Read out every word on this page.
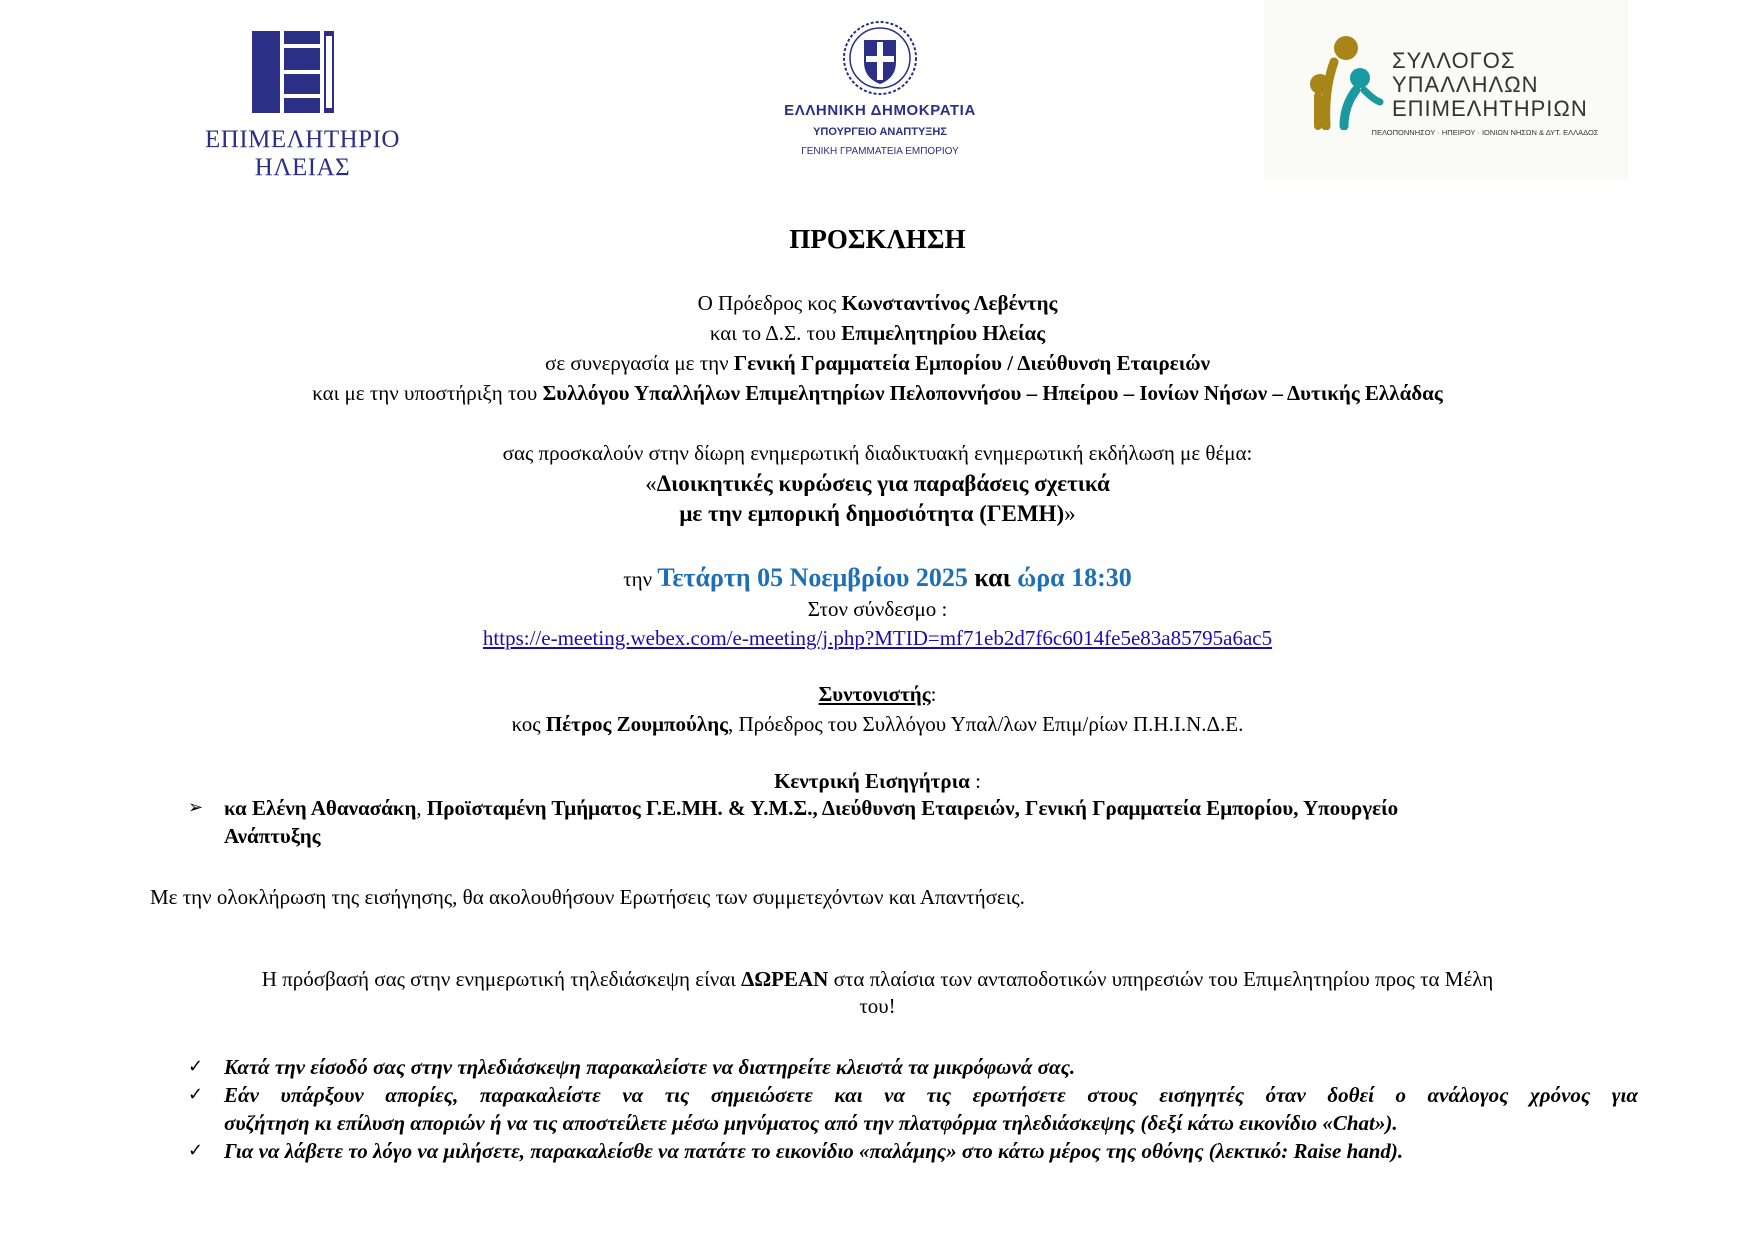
ΕΠΙΜΕΛΗΤΗΡΙΟ
ΗΛΕΙΑΣ
ΕΛΛΗΝΙΚΗ ΔΗΜΟΚΡΑΤΙΑ
ΥΠΟΥΡΓΕΙΟ ΑΝΑΠΤΥΞΗΣ
ΓΕΝΙΚΗ ΓΡΑΜΜΑΤΕΙΑ ΕΜΠΟΡΙΟΥ
ΣΥΛΛΟΓΟΣ
ΥΠΑΛΛΗΛΩΝ
ΕΠΙΜΕΛΗΤΗΡΙΩΝ
ΠΕΛΟΠΟΝΝΗΣΟΥ · ΗΠΕΙΡΟΥ · ΙΟΝΙΩΝ ΝΗΣΩΝ & ΔΥΤ. ΕΛΛΑΔΟΣ
ΠΡΟΣΚΛΗΣΗ
Ο Πρόεδρος κος Κωνσταντίνος Λεβέντης
και το Δ.Σ. του Επιμελητηρίου Ηλείας
σε συνεργασία με την Γενική Γραμματεία Εμπορίου / Διεύθυνση Εταιρειών
και με την υποστήριξη του Συλλόγου Υπαλλήλων Επιμελητηρίων Πελοποννήσου – Ηπείρου – Ιονίων Νήσων – Δυτικής Ελλάδας
σας προσκαλούν στην δίωρη ενημερωτική διαδικτυακή ενημερωτική εκδήλωση με θέμα:
«Διοικητικές κυρώσεις για παραβάσεις σχετικά
με την εμπορική δημοσιότητα (ΓΕΜΗ)»
την Τετάρτη 05 Νοεμβρίου 2025 και ώρα 18:30
Στον σύνδεσμο :
https://e-meeting.webex.com/e-meeting/j.php?MTID=mf71eb2d7f6c6014fe5e83a85795a6ac5
Συντονιστής:
κος Πέτρος Ζουμπούλης, Πρόεδρος του Συλλόγου Υπαλ/λων Επιμ/ρίων Π.Η.Ι.Ν.Δ.Ε.
Κεντρική Εισηγήτρια :
➢ κα Ελένη Αθανασάκη, Προϊσταμένη Τμήματος Γ.Ε.ΜΗ. & Υ.Μ.Σ., Διεύθυνση Εταιρειών, Γενική Γραμματεία Εμπορίου, Υπουργείο
Ανάπτυξης
Με την ολοκλήρωση της εισήγησης, θα ακολουθήσουν Ερωτήσεις των συμμετεχόντων και Απαντήσεις.
Η πρόσβασή σας στην ενημερωτική τηλεδιάσκεψη είναι ΔΩΡΕΑΝ στα πλαίσια των ανταποδοτικών υπηρεσιών του Επιμελητηρίου προς τα Μέλη
του!
✓ Κατά την είσοδό σας στην τηλεδιάσκεψη παρακαλείστε να διατηρείτε κλειστά τα μικρόφωνά σας.
✓ Εάν υπάρξουν απορίες, παρακαλείστε να τις σημειώσετε και να τις ερωτήσετε στους εισηγητές όταν δοθεί ο ανάλογος χρόνος για
συζήτηση κι επίλυση αποριών ή να τις αποστείλετε μέσω μηνύματος από την πλατφόρμα τηλεδιάσκεψης (δεξί κάτω εικονίδιο «Chat»).
✓ Για να λάβετε το λόγο να μιλήσετε, παρακαλείσθε να πατάτε το εικονίδιο «παλάμης» στο κάτω μέρος της οθόνης (λεκτικό: Raise hand).
